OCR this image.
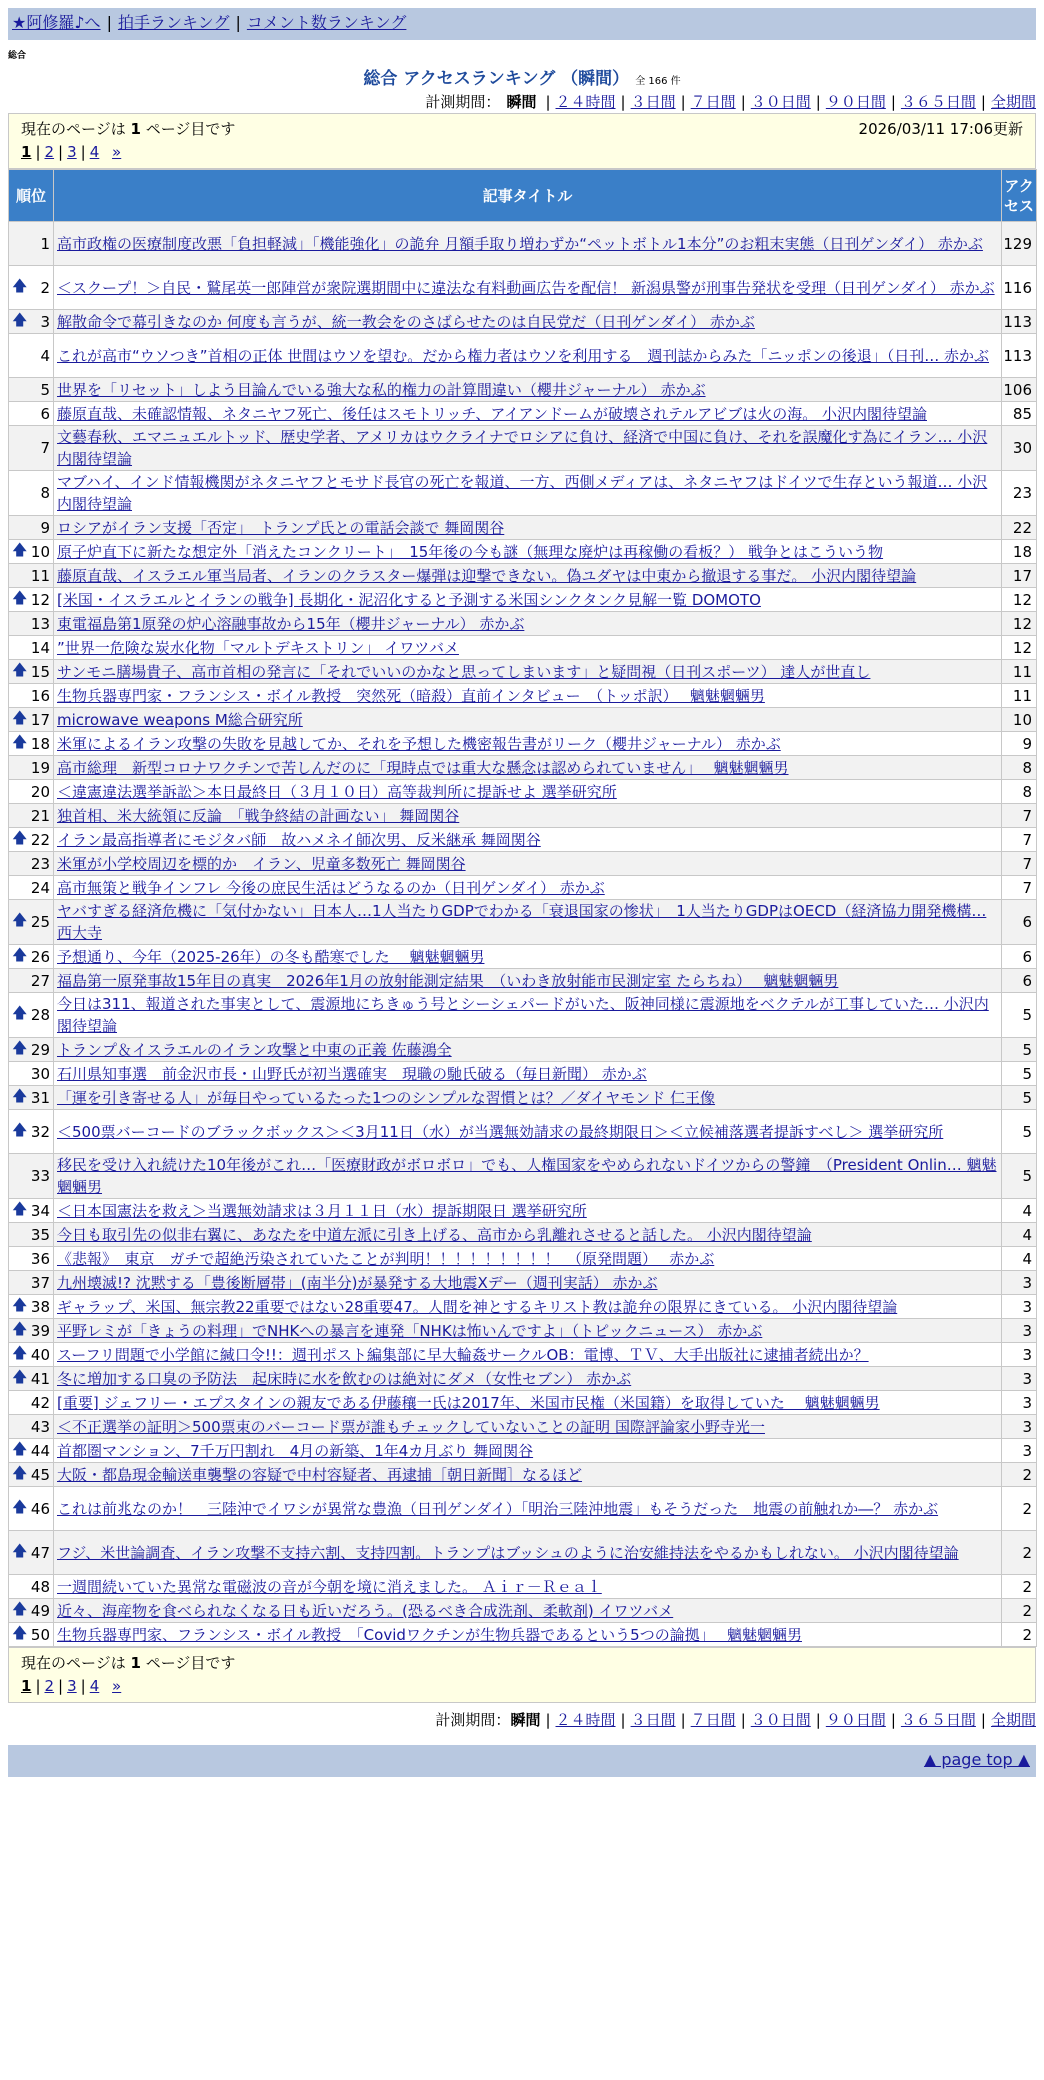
★阿修羅♪へ | 拍手ランキング | コメント数ランキング
総合
総合 アクセスランキング （瞬間） 全 166 件
計測期間： 瞬間 | ２４時間 | ３日間 | ７日間 | ３０日間 | ９０日間 | ３６５日間 | 全期間
現在のページは 1 ページ目です	2026/03/11 17:06更新
1 | 2 | 3 | 4 »
順位	記事タイトル	アクセス
1	高市政権の医療制度改悪「負担軽減」「機能強化」の詭弁 月額手取り増わずか“ペットボトル1本分”のお粗末実態（日刊ゲンダイ） 赤かぶ	129

🡅 2	＜スクープ！＞自民・鷲尾英一郎陣営が衆院選期間中に違法な有料動画広告を配信！ 新潟県警が刑事告発状を受理（日刊ゲンダイ） 赤かぶ	116

🡅 3	解散命令で幕引きなのか 何度も言うが、統一教会をのさばらせたのは自民党だ（日刊ゲンダイ） 赤かぶ	113
4	これが高市“ウソつき”首相の正体 世間はウソを望む。だから権力者はウソを利用する　週刊誌からみた「ニッポンの後退」（日刊… 赤かぶ	113
5	世界を「リセット」しよう目論んでいる強大な私的権力の計算間違い（櫻井ジャーナル） 赤かぶ	106
6	藤原直哉、未確認情報、ネタニヤフ死亡、後任はスモトリッチ、アイアンドームが破壊されテルアビブは火の海。 小沢内閣待望論	85
7	文藝春秋、エマニュエルトッド、歴史学者、アメリカはウクライナでロシアに負け、経済で中国に負け、それを誤魔化す為にイラン… 小沢内閣待望論	30
8	マブハイ、インド情報機関がネタニヤフとモサド長官の死亡を報道、一方、西側メディアは、ネタニヤフはドイツで生存という報道… 小沢内閣待望論	23
9	ロシアがイラン支援「否定」　トランプ氏との電話会談で 舞岡関谷	22

🡅 10	原子炉直下に新たな想定外「消えたコンクリート」　15年後の今も謎（無理な廃炉は再稼働の看板？） 戦争とはこういう物	18
11	藤原直哉、イスラエル軍当局者、イランのクラスター爆弾は迎撃できない。偽ユダヤは中東から撤退する事だ。 小沢内閣待望論	17

🡅 12	[米国・イスラエルとイランの戦争] 長期化・泥沼化すると予測する米国シンクタンク見解一覧 DOMOTO	12
13	東電福島第1原発の炉心溶融事故から15年（櫻井ジャーナル） 赤かぶ	12
14	”世界一危険な炭水化物「マルトデキストリン」 イワツバメ	12

🡅 15	サンモニ膳場貴子、高市首相の発言に「それでいいのかなと思ってしまいます」と疑問視（日刊スポーツ） 達人が世直し	11
16	生物兵器専門家・フランシス・ボイル教授　突然死（暗殺）直前インタビュー　（トッポ訳）　 魑魅魍魎男	11

🡅 17	microwave weapons M総合研究所	10

🡅 18	米軍によるイラン攻撃の失敗を見越してか、それを予想した機密報告書がリーク（櫻井ジャーナル） 赤かぶ	9
19	高市総理　新型コロナワクチンで苦しんだのに「現時点では重大な懸念は認められていません」　 魑魅魍魎男	8
20	＜違憲違法選挙訴訟＞本日最終日（３月１０日）高等裁判所に提訴せよ 選挙研究所	8
21	独首相、米大統領に反論　「戦争終結の計画ない」 舞岡関谷	7

🡅 22	イラン最高指導者にモジタバ師　故ハメネイ師次男、反米継承 舞岡関谷	7
23	米軍が小学校周辺を標的か　イラン、児童多数死亡 舞岡関谷	7
24	高市無策と戦争インフレ 今後の庶民生活はどうなるのか（日刊ゲンダイ） 赤かぶ	7

🡅 25	ヤバすぎる経済危機に「気付かない」日本人…1人当たりGDPでわかる「衰退国家の惨状」　1人当たりGDPはOECD（経済協力開発機構… 西大寺	6

🡅 26	予想通り、今年（2025-26年）の冬も酷寒でした　 魑魅魍魎男	6
27	福島第一原発事故15年目の真実　2026年1月の放射能測定結果　（いわき放射能市民測定室 たらちね）　 魑魅魍魎男	6

🡅 28	今日は311、報道された事実として、震源地にちきゅう号とシーシェパードがいた、阪神同様に震源地をベクテルが工事していた… 小沢内閣待望論	5

🡅 29	トランプ＆イスラエルのイラン攻撃と中東の正義 佐藤鴻全	5
30	石川県知事選　前金沢市長・山野氏が初当選確実　現職の馳氏破る（毎日新聞） 赤かぶ	5

🡅 31	「運を引き寄せる人」が毎日やっているたった1つのシンプルな習慣とは？／ダイヤモンド 仁王像	5

🡅 32	＜500票バーコードのブラックボックス＞＜3月11日（水）が当選無効請求の最終期限日＞＜立候補落選者提訴すべし＞ 選挙研究所	5
33	移民を受け入れ続けた10年後がこれ…「医療財政がボロボロ」でも、人権国家をやめられないドイツからの警鐘　（President Onlin… 魑魅魍魎男	5

🡅 34	＜日本国憲法を救え＞当選無効請求は３月１１日（水）提訴期限日 選挙研究所	4
35	今日も取引先の似非右翼に、あなたを中道左派に引き上げる、高市から乳離れさせると話した。 小沢内閣待望論	4
36	《悲報》　東京　ガチで超絶汚染されていたことが判明！！！！！！！！！　（原発問題）　 赤かぶ	4
37	九州壊滅!? 沈黙する「豊後断層帯」(南半分)が暴発する大地震Xデー（週刊実話） 赤かぶ	3

🡅 38	ギャラップ、米国、無宗教22重要ではない28重要47。人間を神とするキリスト教は詭弁の限界にきている。 小沢内閣待望論	3

🡅 39	平野レミが「きょうの料理」でNHKへの暴言を連発「NHKは怖いんですよ」（トピックニュース） 赤かぶ	3

🡅 40	スーフリ問題で小学館に緘口令!!：週刊ポスト編集部に早大輪姦サークルOB：電博、ＴＶ、大手出版社に逮捕者続出か？	3

🡅 41	冬に増加する口臭の予防法　起床時に水を飲むのは絶対にダメ（女性セブン） 赤かぶ	3
42	[重要] ジェフリー・エプスタインの親友である伊藤穰一氏は2017年、米国市民権（米国籍）を取得していた　 魑魅魍魎男	3
43	＜不正選挙の証明＞500票束のバーコード票が誰もチェックしていないことの証明 国際評論家小野寺光一	3

🡅 44	首都圏マンション、7千万円割れ　4月の新築、1年4カ月ぶり 舞岡関谷	3

🡅 45	大阪・都島現金輸送車襲撃の容疑で中村容疑者、再逮捕［朝日新聞］なるほど	2

🡅 46	これは前兆なのか！　三陸沖でイワシが異常な豊漁（日刊ゲンダイ）「明治三陸沖地震」もそうだった　地震の前触れか―？ 赤かぶ	2

🡅 47	フジ、米世論調査、イラン攻撃不支持六割、支持四割。トランプはブッシュのように治安維持法をやるかもしれない。 小沢内閣待望論	2
48	一週間続いていた異常な電磁波の音が今朝を境に消えました。 Ａｉｒ－Ｒｅａｌ	2

🡅 49	近々、海産物を食べられなくなる日も近いだろう。(恐るべき合成洗剤、柔軟剤) イワツバメ	2

🡅 50	生物兵器専門家、フランシス・ボイル教授　「Covidワクチンが生物兵器であるという5つの論拠」　 魑魅魍魎男	2
現在のページは 1 ページ目です
1 | 2 | 3 | 4 »
計測期間：瞬間 | ２４時間 | ３日間 | ７日間 | ３０日間 | ９０日間 | ３６５日間 | 全期間
▲ page top ▲
